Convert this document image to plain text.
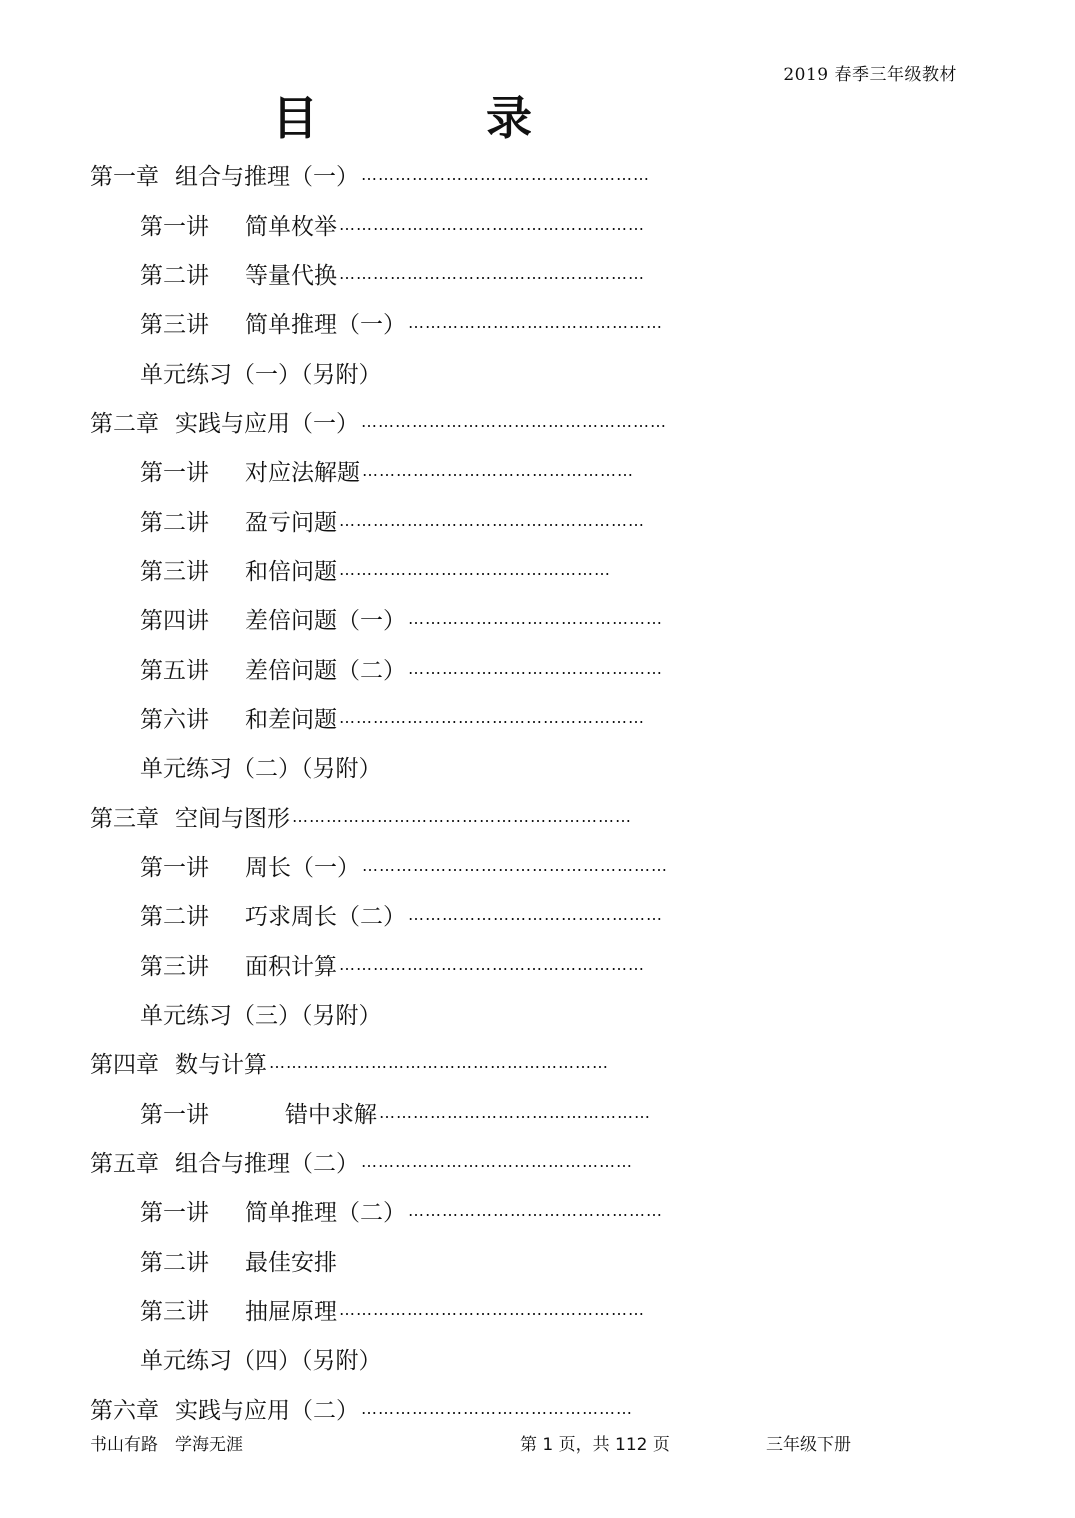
2019 春季三年级教材
目	录
第一章 组合与推理（一） ……………………………………………
第一讲 简单枚举 ………………………………………………
第二讲 等量代换 ………………………………………………
第三讲 简单推理（一） ………………………………………
单元练习（一）（另附）
第二章 实践与应用（一） ………………………………………………
第一讲 对应法解题 …………………………………………
第二讲 盈亏问题 ………………………………………………
第三讲 和倍问题 …………………………………………
第四讲 差倍问题（一） ………………………………………
第五讲 差倍问题（二） ………………………………………
第六讲 和差问题 ………………………………………………
单元练习（二）（另附）
第三章 空间与图形 ……………………………………………………
第一讲 周长（一） ………………………………………………
第二讲 巧求周长（二） ………………………………………
第三讲 面积计算 ………………………………………………
单元练习（三）（另附）
第四章 数与计算 ……………………………………………………
第一讲	错中求解 …………………………………………
第五章 组合与推理（二） …………………………………………
第一讲 简单推理（二） ………………………………………
第二讲 最佳安排
第三讲 抽屉原理 ………………………………………………
单元练习（四）（另附）
第六章 实践与应用（二） …………………………………………
书山有路　学海无涯	第 1 页，共 112 页	三年级下册
